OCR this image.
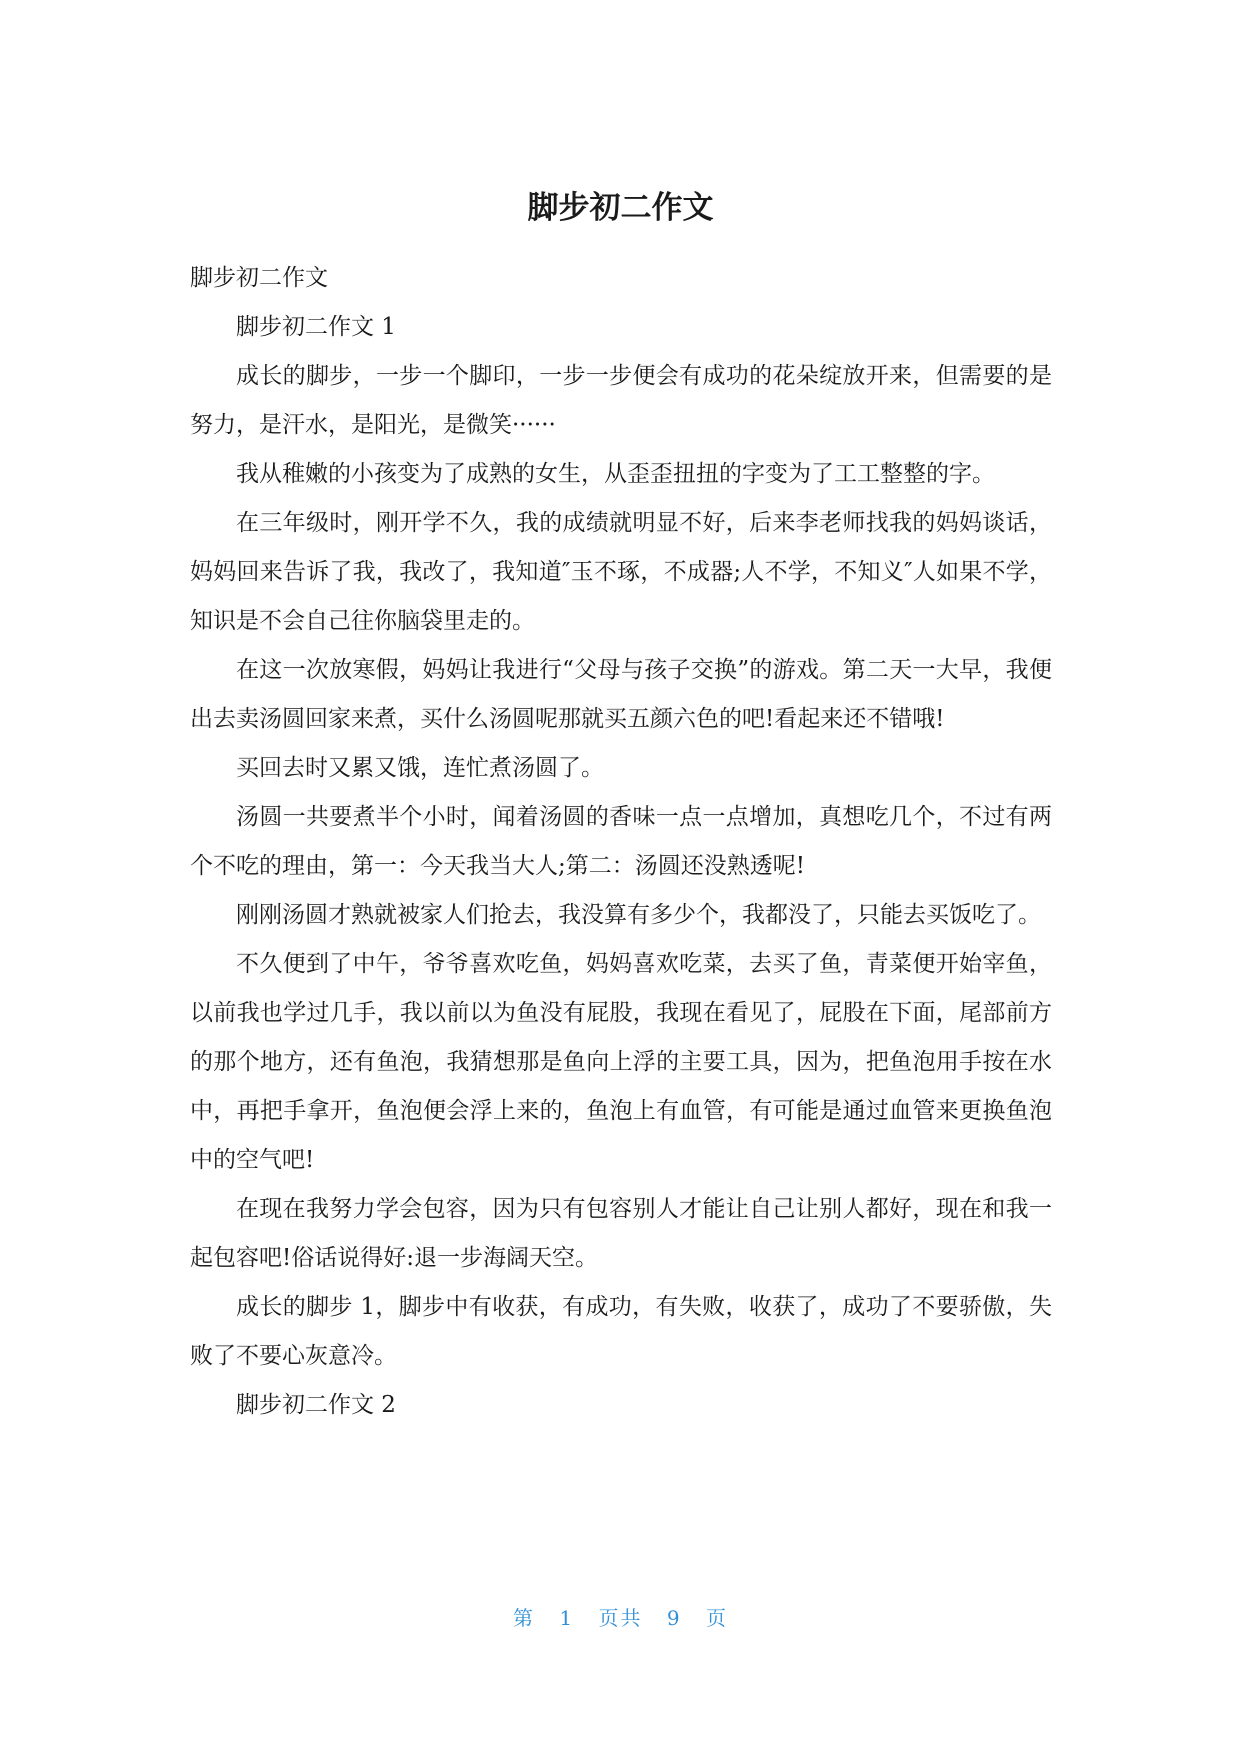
脚步初二作文

脚步初二作文

脚步初二作文 1

成长的脚步，一步一个脚印，一步一步便会有成功的花朵绽放开来，但需要的是努力，是汗水，是阳光，是微笑······

我从稚嫩的小孩变为了成熟的女生，从歪歪扭扭的字变为了工工整整的字。

在三年级时，刚开学不久，我的成绩就明显不好，后来李老师找我的妈妈谈话，妈妈回来告诉了我，我改了，我知道″玉不琢，不成器;人不学，不知义″人如果不学，知识是不会自己往你脑袋里走的。

在这一次放寒假，妈妈让我进行“父母与孩子交换”的游戏。第二天一大早，我便出去卖汤圆回家来煮，买什么汤圆呢那就买五颜六色的吧!看起来还不错哦!

买回去时又累又饿，连忙煮汤圆了。

汤圆一共要煮半个小时，闻着汤圆的香味一点一点增加，真想吃几个，不过有两个不吃的理由，第一：今天我当大人;第二：汤圆还没熟透呢!

刚刚汤圆才熟就被家人们抢去，我没算有多少个，我都没了，只能去买饭吃了。

不久便到了中午，爷爷喜欢吃鱼，妈妈喜欢吃菜，去买了鱼，青菜便开始宰鱼，以前我也学过几手，我以前以为鱼没有屁股，我现在看见了，屁股在下面，尾部前方的那个地方，还有鱼泡，我猜想那是鱼向上浮的主要工具，因为，把鱼泡用手按在水中，再把手拿开，鱼泡便会浮上来的，鱼泡上有血管，有可能是通过血管来更换鱼泡中的空气吧!

在现在我努力学会包容，因为只有包容别人才能让自己让别人都好，现在和我一起包容吧!俗话说得好:退一步海阔天空。

成长的脚步 1，脚步中有收获，有成功，有失败，收获了，成功了不要骄傲，失败了不要心灰意冷。

脚步初二作文 2

第 1 页共 9 页
